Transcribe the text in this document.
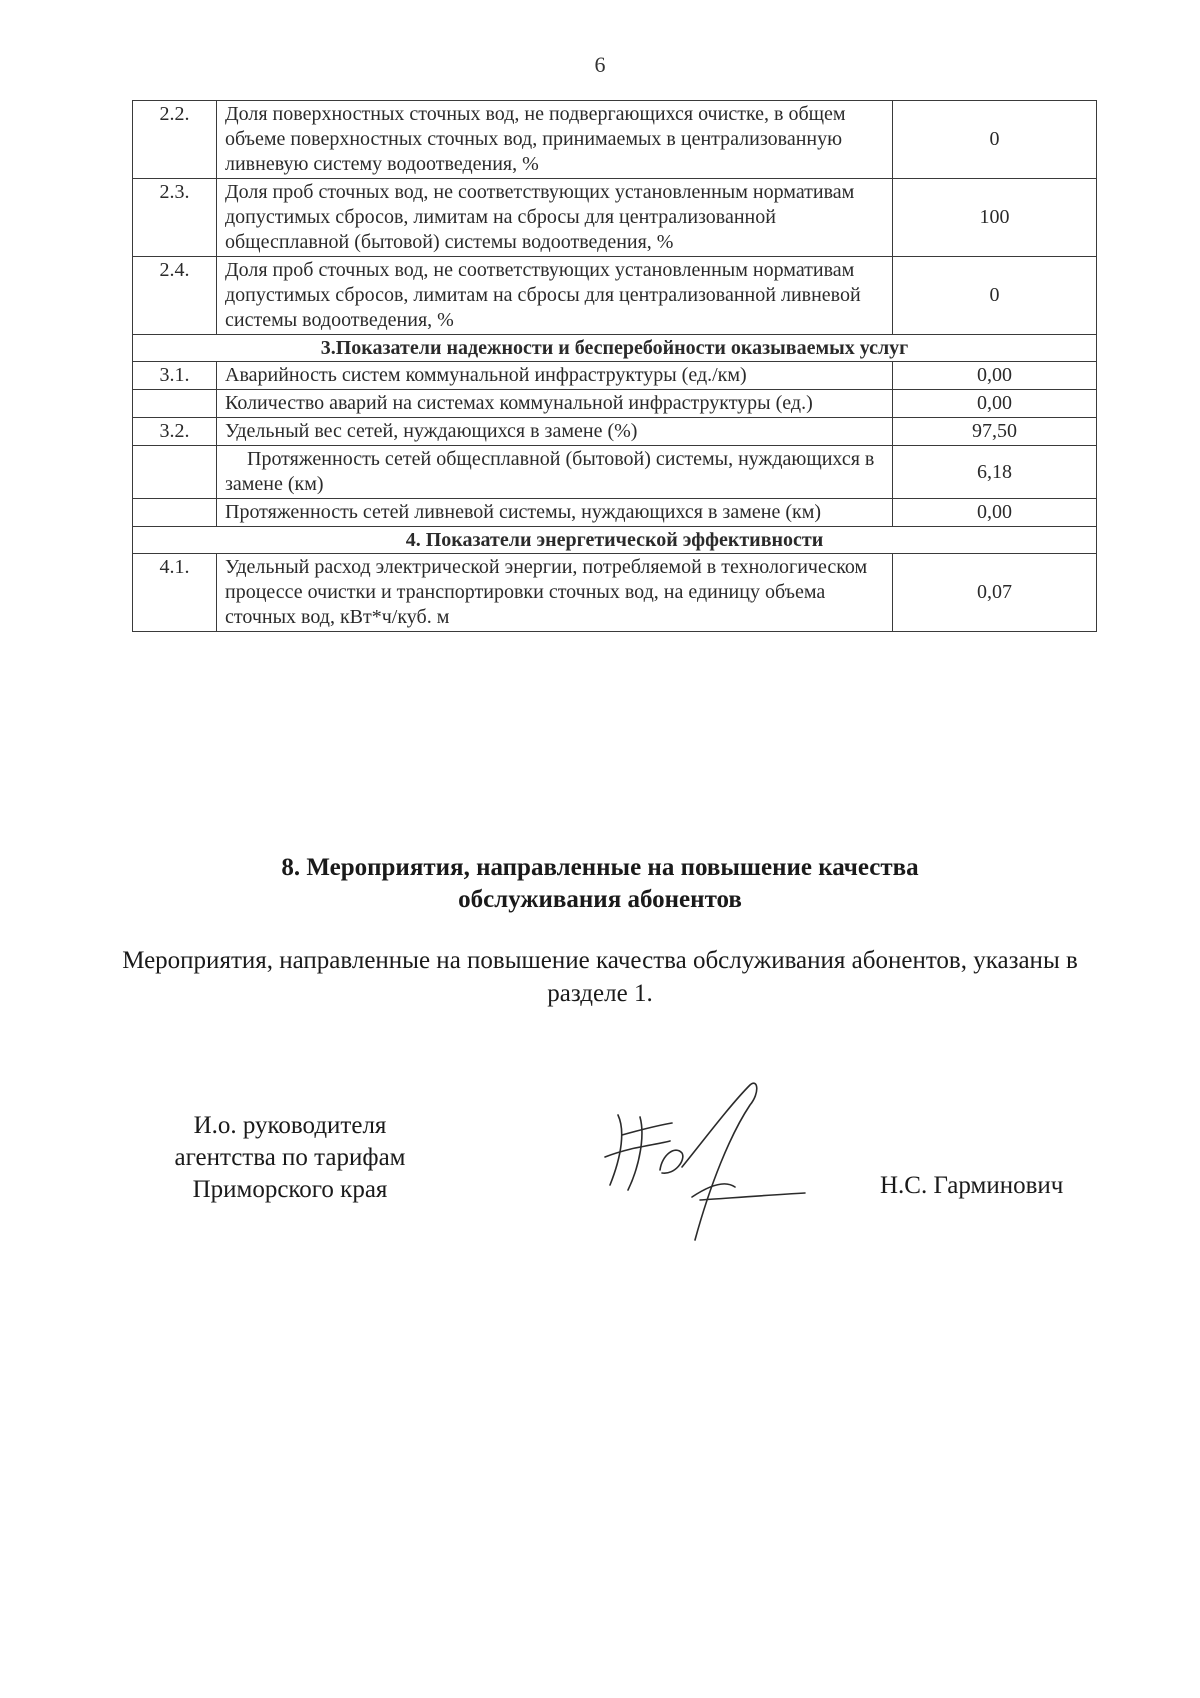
6
2.2.	Доля поверхностных сточных вод, не подвергающихся очистке, в общем объеме поверхностных сточных вод, принимаемых в централизованную ливневую систему водоотведения, %	0
2.3.	Доля проб сточных вод, не соответствующих установленным нормативам допустимых сбросов, лимитам на сбросы для централизованной общесплавной (бытовой) системы водоотведения, %	100
2.4.	Доля проб сточных вод, не соответствующих установленным нормативам допустимых сбросов, лимитам на сбросы для централизованной ливневой системы водоотведения, %	0
3.Показатели надежности и бесперебойности оказываемых услуг		
3.1.	Аварийность систем коммунальной инфраструктуры (ед./км)	0,00
	Количество аварий на системах коммунальной инфраструктуры (ед.)	0,00
3.2.	Удельный вес сетей, нуждающихся в замене (%)	97,50
	Протяженность сетей общесплавной (бытовой) системы, нуждающихся в замене (км)	6,18
	Протяженность сетей ливневой системы, нуждающихся в замене (км)	0,00
4. Показатели энергетической эффективности		
4.1.	Удельный расход электрической энергии, потребляемой в технологическом процессе очистки и транспортировки сточных вод, на единицу объема сточных вод, кВт*ч/куб. м	0,07
8. Мероприятия, направленные на повышение качества
обслуживания абонентов
Мероприятия, направленные на повышение качества обслуживания абонентов, указаны в разделе 1.
И.о. руководителя
агентства по тарифам
Приморского края	Н.С. Гарминович
